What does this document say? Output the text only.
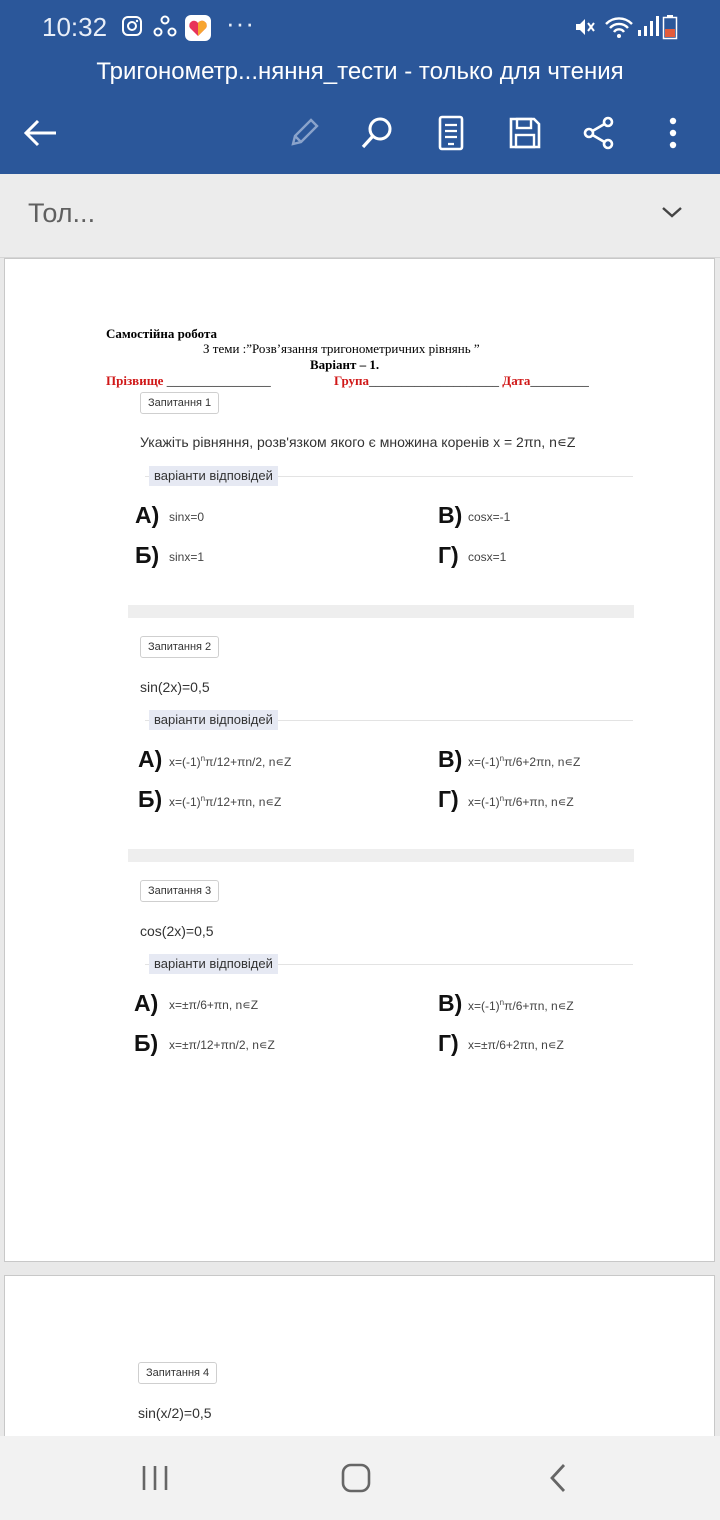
10:32	···
Тригонометр...няння_тести - только для чтения
Тол...
Самостійна робота
З теми :”Розв’язання тригонометричних рівнянь ”
Варіант – 1.
Прізвище ________________	Група____________________ Дата_________
Запитання 1
Укажіть рівняння, розв'язком якого є множина коренів x = 2πn, n∊Z
варіанти відповідей
А) sinx=0
Б) sinx=1
В) cosx=-1
Г) cosx=1
Запитання 2
sin(2x)=0,5
варіанти відповідей
А) $x=(-1)^n\pi/12+\pi n/2$, n∊Z
Б) $x=(-1)^n\pi/12+\pi n$, n∊Z
В) $x=(-1)^n\pi/6+2\pi n$, n∊Z
Г) $x=(-1)^n\pi/6+\pi n$, n∊Z
Запитання 3
cos(2x)=0,5
варіанти відповідей
А) x=±π/6+πn, n∊Z
Б) x=±π/12+πn/2, n∊Z
В) $x=(-1)^n\pi/6+\pi n$, n∊Z
Г) x=±π/6+2πn, n∊Z
Запитання 4
sin(x/2)=0,5
